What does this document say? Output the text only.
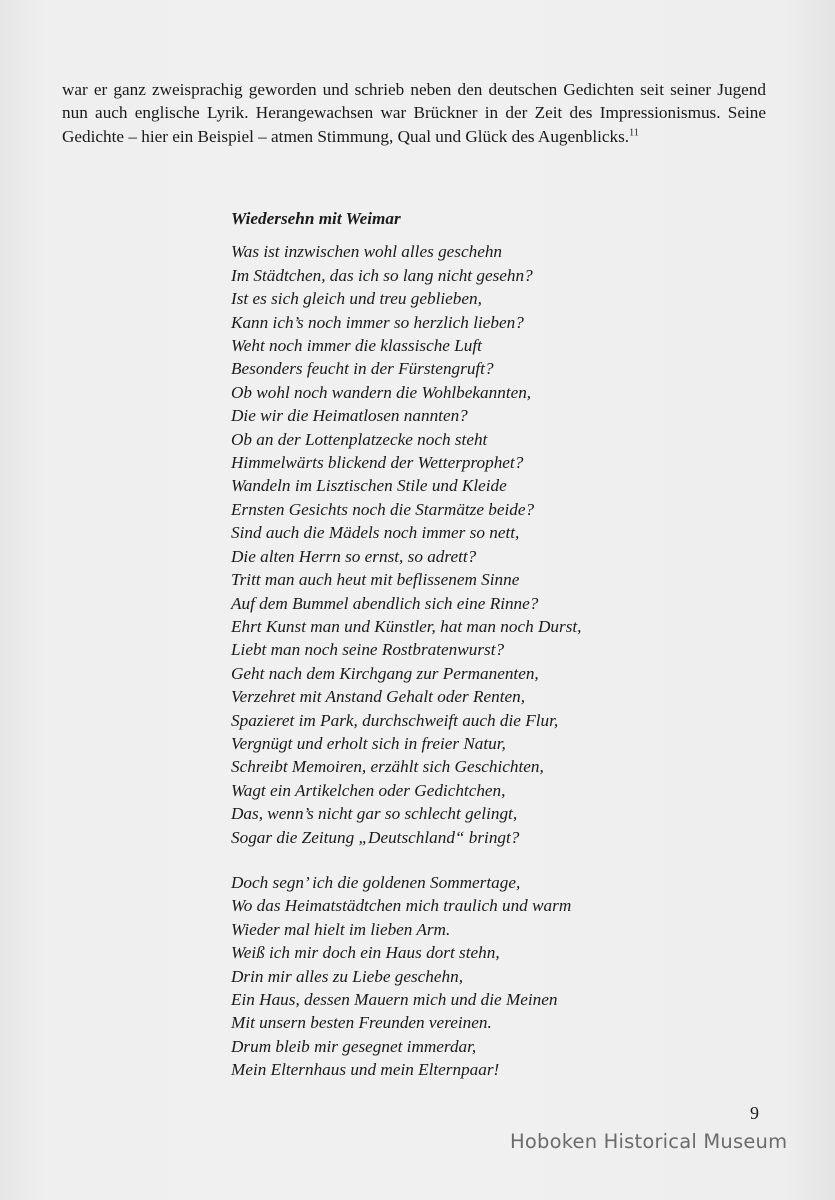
war er ganz zweisprachig geworden und schrieb neben den deutschen Gedichten seit seiner Jugend nun auch englische Lyrik. Herangewachsen war Brückner in der Zeit des Impressionismus. Seine Gedichte – hier ein Beispiel – atmen Stimmung, Qual und Glück des Augenblicks.$^{11}$

Wiedersehn mit Weimar
Was ist inzwischen wohl alles geschehn
Im Städtchen, das ich so lang nicht gesehn?
Ist es sich gleich und treu geblieben,
Kann ich’s noch immer so herzlich lieben?
Weht noch immer die klassische Luft
Besonders feucht in der Fürstengruft?
Ob wohl noch wandern die Wohlbekannten,
Die wir die Heimatlosen nannten?
Ob an der Lottenplatzecke noch steht
Himmelwärts blickend der Wetterprophet?
Wandeln im Lisztischen Stile und Kleide
Ernsten Gesichts noch die Starmätze beide?
Sind auch die Mädels noch immer so nett,
Die alten Herrn so ernst, so adrett?
Tritt man auch heut mit beflissenem Sinne
Auf dem Bummel abendlich sich eine Rinne?
Ehrt Kunst man und Künstler, hat man noch Durst,
Liebt man noch seine Rostbratenwurst?
Geht nach dem Kirchgang zur Permanenten,
Verzehret mit Anstand Gehalt oder Renten,
Spazieret im Park, durchschweift auch die Flur,
Vergnügt und erholt sich in freier Natur,
Schreibt Memoiren, erzählt sich Geschichten,
Wagt ein Artikelchen oder Gedichtchen,
Das, wenn’s nicht gar so schlecht gelingt,
Sogar die Zeitung „Deutschland“ bringt?
Doch segn’ ich die goldenen Sommertage,
Wo das Heimatstädtchen mich traulich und warm
Wieder mal hielt im lieben Arm.
Weiß ich mir doch ein Haus dort stehn,
Drin mir alles zu Liebe geschehn,
Ein Haus, dessen Mauern mich und die Meinen
Mit unsern besten Freunden vereinen.
Drum bleib mir gesegnet immerdar,
Mein Elternhaus und mein Elternpaar!
9
Hoboken Historical Museum
